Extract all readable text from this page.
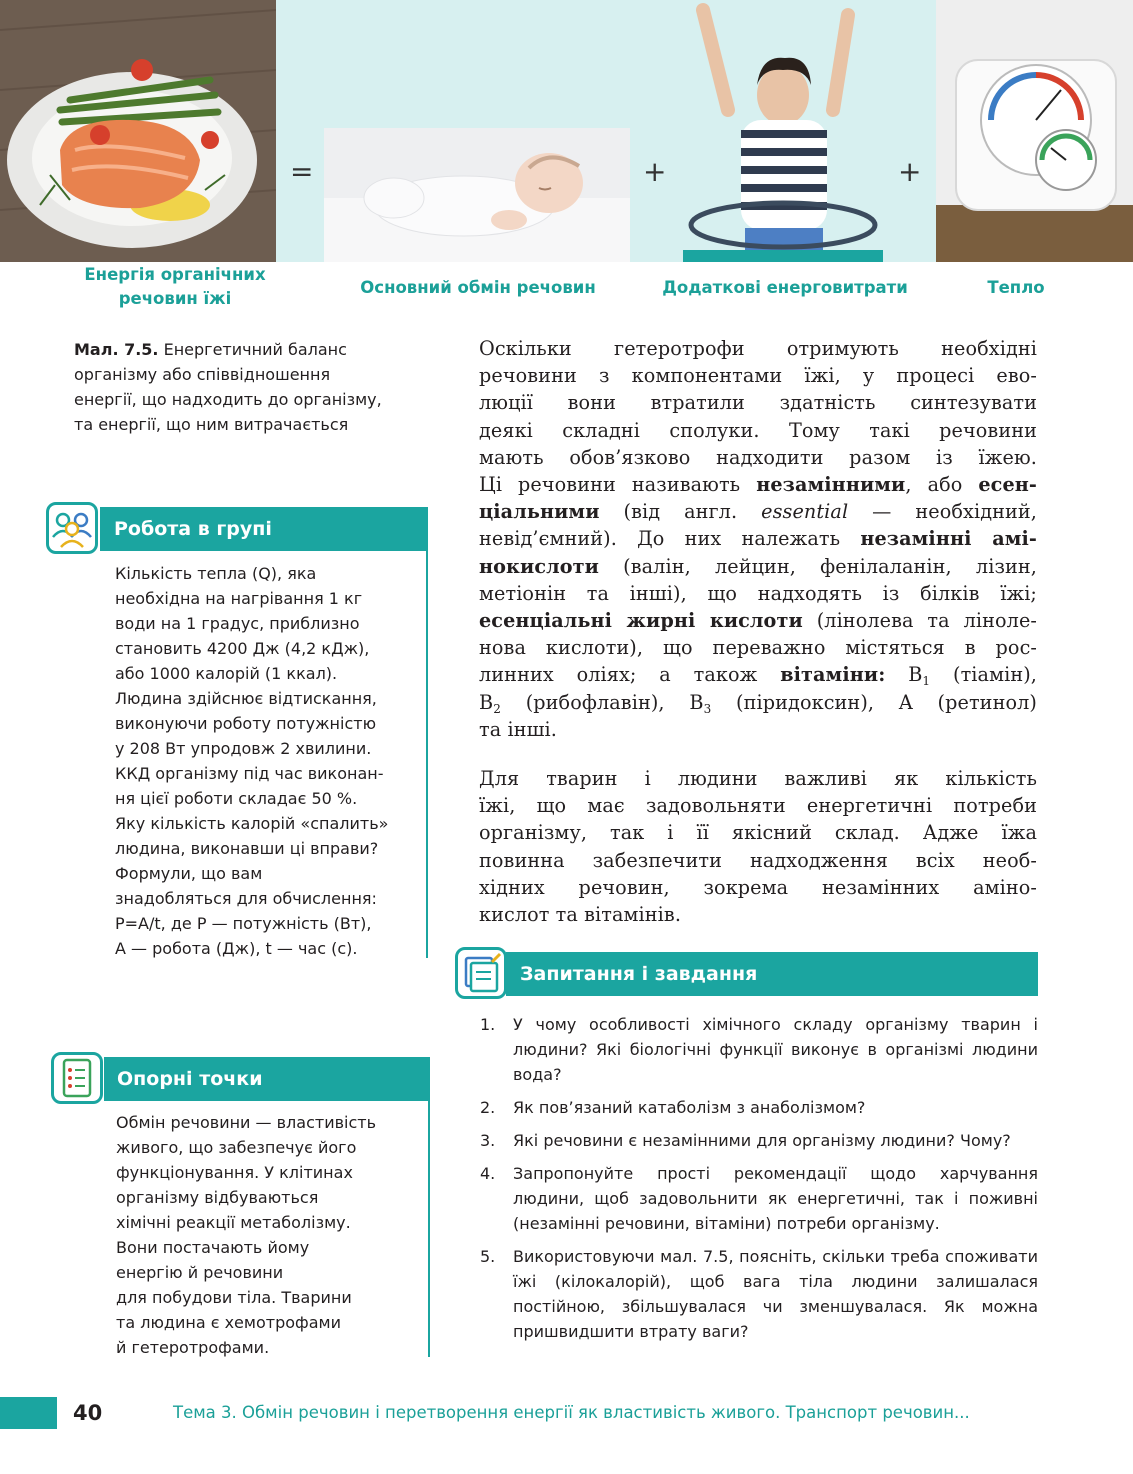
=	+	+
Енергія органічних
речовин їжі
Основний обмін речовин	Додаткові енерговитрати	Тепло
Мал. 7.5. Енергетичний баланс
організму або співвідношення
енергії, що надходить до організму,
та енергії, що ним витрачається
Робота в групі
Кількість тепла (Q), яка
необхідна на нагрівання 1 кг
води на 1 градус, приблизно
становить 4200 Дж (4,2 кДж),
або 1000 калорій (1 ккал).
Людина здійснює відтискання,
виконуючи роботу потужністю
у 208 Вт упродовж 2 хвилини.
ККД організму під час виконан-
ня цієї роботи складає 50 %.
Яку кількість калорій «спалить»
людина, виконавши ці вправи?
Формули, що вам
знадобляться для обчислення:
P=A/t, де P — потужність (Вт),
A — робота (Дж), t — час (с).
Опорні точки
Обмін речовини — властивість
живого, що забезпечує його
функціонування. У клітинах
організму відбуваються
хімічні реакції метаболізму.
Вони постачають йому
енергію й речовини
для побудови тіла. Тварини
та людина є хемотрофами
й гетеротрофами.
Оскільки гетеротрофи отримують необхідні
речовини з компонентами їжі, у процесі ево-
люції вони втратили здатність синтезувати
деякі складні сполуки. Тому такі речовини
мають обов’язково надходити разом із їжею.
Ці речовини називають незамінними, або есен-
ціальними (від англ. essential — необхідний,
невід’ємний). До них належать незамінні амі-
нокислоти (валін, лейцин, фенілаланін, лізин,
метіонін та інші), що надходять із білків їжі;
есенціальні жирні кислоти (лінолева та ліноле-
нова кислоти), що переважно містяться в рос-
линних оліях; а також вітаміни: $B_1$ (тіамін),
$B_2$ (рибофлавін), $B_3$ (піридоксин), A (ретинол)
та інші.
Для тварин і людини важливі як кількість
їжі, що має задовольняти енергетичні потреби
організму, так і її якісний склад. Адже їжа
повинна забезпечити надходження всіх необ-
хідних речовин, зокрема незамінних аміно-
кислот та вітамінів.
Запитання і завдання
1. У чому особливості хімічного складу організму тварин і людини? Які біологічні функції виконує в організмі людини вода?
2. Як пов’язаний катаболізм з анаболізмом?
3. Які речовини є незамінними для організму людини? Чому?
4. Запропонуйте прості рекомендації щодо харчування людини, щоб задовольнити як енергетичні, так і поживні (незамінні речовини, вітаміни) потреби організму.
5. Використовуючи мал. 7.5, поясніть, скільки треба споживати їжі (кілокалорій), щоб вага тіла людини залишалася постійною, збільшувалася чи зменшувалася. Як можна пришвидшити втрату ваги?
40	Тема 3. Обмін речовин і перетворення енергії як властивість живого. Транспорт речовин...
